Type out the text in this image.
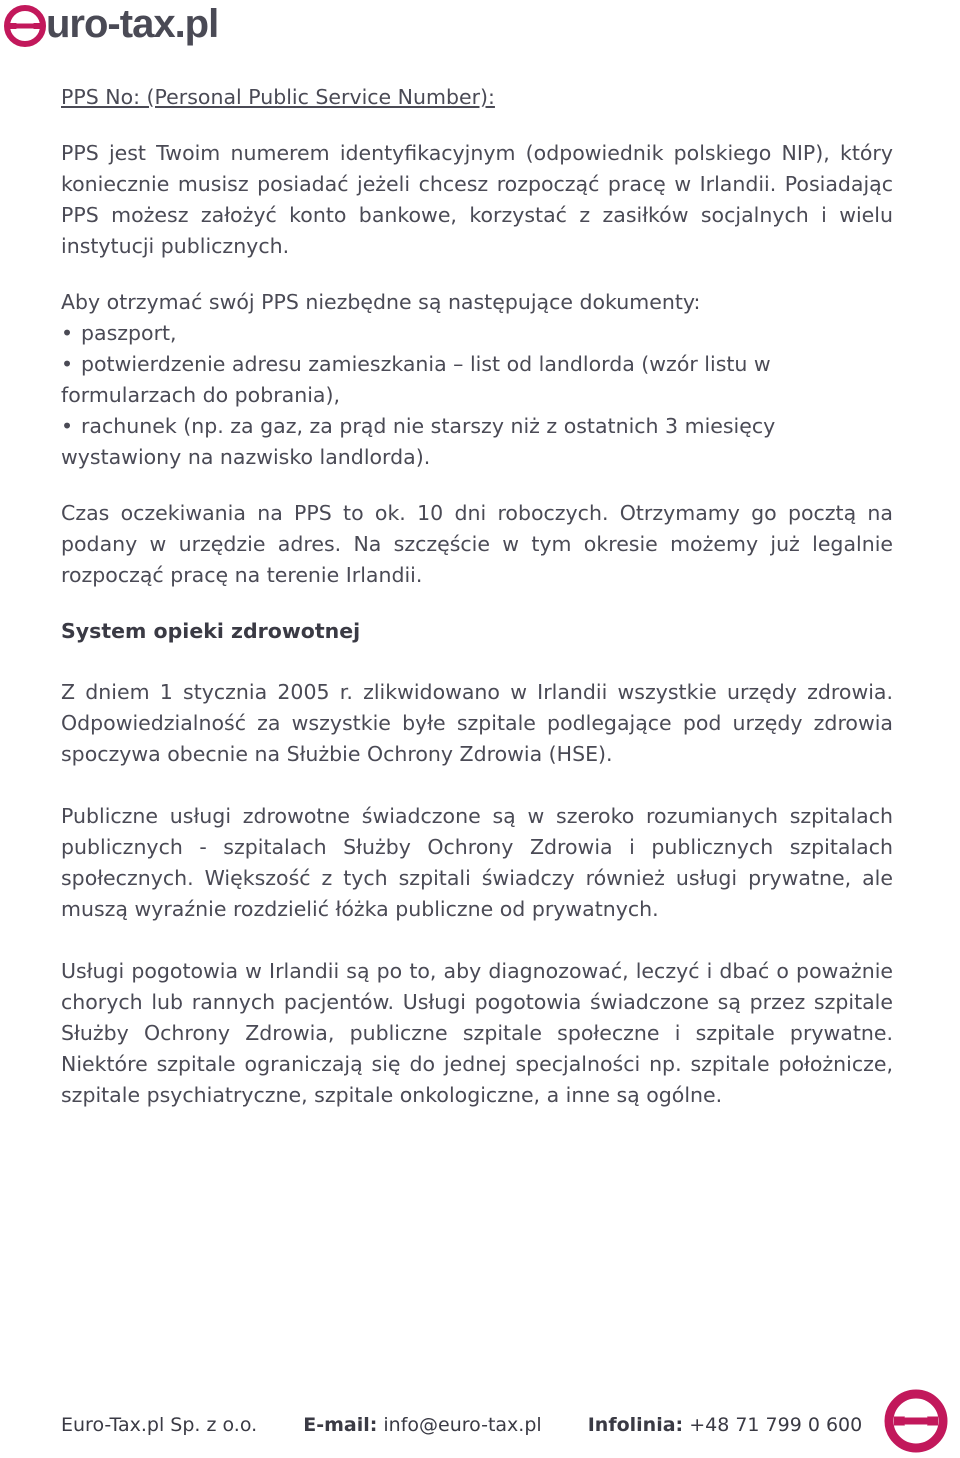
uro-tax.pl

PPS No: (Personal Public Service Number):

PPS jest Twoim numerem identyfikacyjnym (odpowiednik polskiego NIP), który koniecznie musisz posiadać jeżeli chcesz rozpocząć pracę w Irlandii. Posiadając PPS możesz założyć konto bankowe, korzystać z zasiłków socjalnych i wielu instytucji publicznych.

Aby otrzymać swój PPS niezbędne są następujące dokumenty:

• paszport,
• potwierdzenie adresu zamieszkania – list od landlorda (wzór listu w formularzach do pobrania),
• rachunek (np. za gaz, za prąd nie starszy niż z ostatnich 3 miesięcy wystawiony na nazwisko landlorda).

Czas oczekiwania na PPS to ok. 10 dni roboczych. Otrzymamy go pocztą na podany w urzędzie adres. Na szczęście w tym okresie możemy już legalnie rozpocząć pracę na terenie Irlandii.

System opieki zdrowotnej

Z dniem 1 stycznia 2005 r. zlikwidowano w Irlandii wszystkie urzędy zdrowia. Odpowiedzialność za wszystkie byłe szpitale podlegające pod urzędy zdrowia spoczywa obecnie na Służbie Ochrony Zdrowia (HSE).

Publiczne usługi zdrowotne świadczone są w szeroko rozumianych szpitalach publicznych - szpitalach Służby Ochrony Zdrowia i publicznych szpitalach społecznych. Większość z tych szpitali świadczy również usługi prywatne, ale muszą wyraźnie rozdzielić łóżka publiczne od prywatnych.

Usługi pogotowia w Irlandii są po to, aby diagnozować, leczyć i dbać o poważnie chorych lub rannych pacjentów. Usługi pogotowia świadczone są przez szpitale Służby Ochrony Zdrowia, publiczne szpitale społeczne i szpitale prywatne. Niektóre szpitale ograniczają się do jednej specjalności np. szpitale położnicze, szpitale psychiatryczne, szpitale onkologiczne, a inne są ogólne.

Euro-Tax.pl Sp. z o.o. E-mail: info@euro-tax.pl Infolinia: +48 71 799 0 600
